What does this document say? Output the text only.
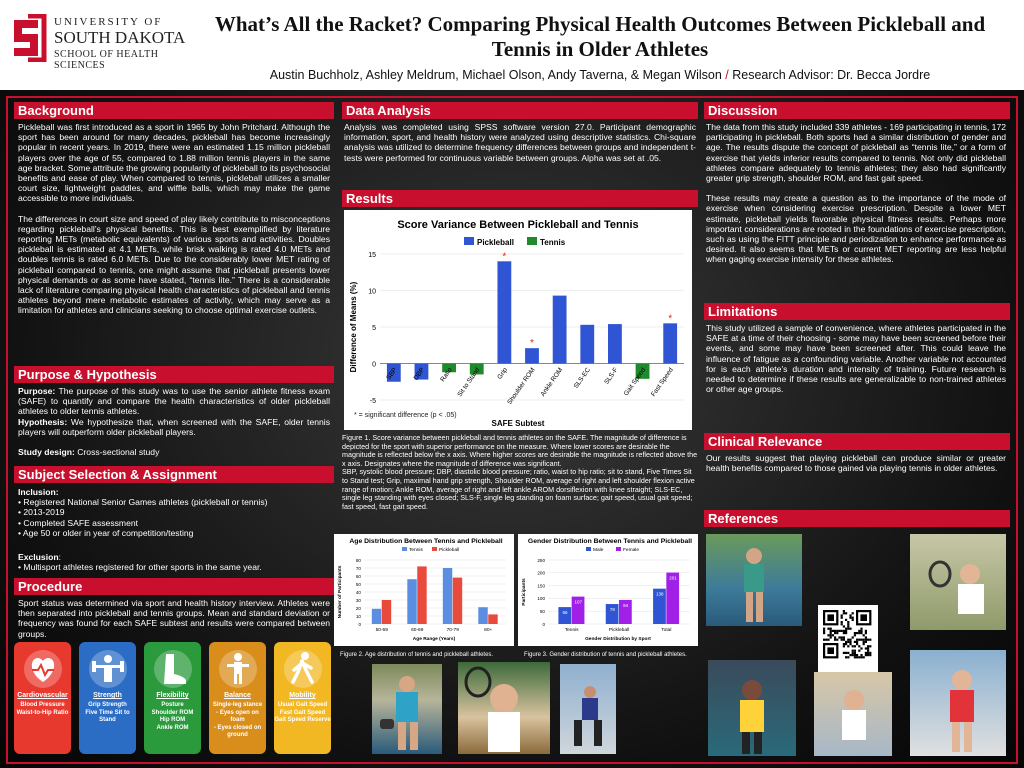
UNIVERSITY OF
SOUTH DAKOTA
SCHOOL OF HEALTH SCIENCES
What’s All the Racket? Comparing Physical Health Outcomes Between Pickleball and Tennis in Older Athletes
Austin Buchholz, Ashley Meldrum, Michael Olson, Andy Taverna, & Megan Wilson / Research Advisor: Dr. Becca Jordre
Background

Pickleball was first introduced as a sport in 1965 by John Pritchard. Although the sport has been around for many decades, pickleball has become increasingly popular in recent years. In 2019, there were an estimated 1.15 million pickleball players over the age of 55, compared to 1.88 million tennis players in the same age bracket. Some attribute the growing popularity of pickleball to its psychosocial benefits and ease of play. When compared to tennis, pickleball utilizes a smaller court size, lightweight paddles, and wiffle balls, which may make the game accessible to more individuals.

The differences in court size and speed of play likely contribute to misconceptions regarding pickleball’s physical benefits. This is best exemplified by literature reporting METs (metabolic equivalents) of various sports and activities. Doubles pickleball is estimated at 4.1 METs, while brisk walking is rated 4.0 METs and doubles tennis is rated 6.0 METs. Due to the considerably lower MET rating of pickleball compared to tennis, one might assume that pickleball presents lower physical demands or as some have stated, “tennis lite.” There is a considerable lack of literature comparing physical health characteristics of pickleball and tennis athletes beyond mere metabolic estimates of activity, which may serve as a limitation for athletes and clinicians seeking to choose optimal exercise outlets.

Purpose & Hypothesis

Purpose: The purpose of this study was to use the senior athlete fitness exam (SAFE) to quantify and compare the health characteristics of older pickleball athletes to older tennis athletes.

Hypothesis: We hypothesize that, when screened with the SAFE, older tennis players will outperform older pickleball players.

Study design: Cross-sectional study

Subject Selection & Assignment
Inclusion:
• Registered National Senior Games athletes (pickleball or tennis)
• 2013-2019
• Completed SAFE assessment
• Age 50 or older in year of competition/testing
Exclusion:
• Multisport athletes registered for other sports in the same year.
Procedure
Sport status was determined via sport and health history interview. Athletes were then separated into pickleball and tennis groups. Mean and standard deviation or frequency was found for each SAFE subtest and results were compared between groups.
Cardiovascular
Blood Pressure
Waist-to-Hip Ratio
Strength
Grip Strength
Five Time Sit to Stand
Flexibility
Posture
Shoulder ROM
Hip ROM
Ankle ROM
Balance
Single-leg stance
- Eyes open on foam
- Eyes closed on ground
Mobility
Usual Gait Speed
Fast Gait Speed
Gait Speed Reserve
Data Analysis
Analysis was completed using SPSS software version 27.0. Participant demographic information, sport, and health history were analyzed using descriptive statistics. Chi-square analysis was utilized to determine frequency differences between groups and independent t-tests were performed for continuous variable between groups. Alpha was set at .05.
Results
Score Variance Between Pickleball and Tennis
Pickleball	Tennis
-5
0
5
10
15
Difference of Means (%)
SBP DBP Ratio Sit to Stand
*
Grip
*
Shoulder ROM Ankle ROM SLS-EC SLS-F Gait Speed
*
Fast Speed
* = significant difference (p < .05)
SAFE Subtest
Figure 1. Score variance between pickleball and tennis athletes on the SAFE. The magnitude of difference is depicted for the sport with superior performance on the measure. Where lower scores are desirable the magnitude is reflected below the x axis. Where higher scores are desirable the magnitude is reflected above the x axis. Designates where the magnitude of difference was significant.
SBP, systolic blood pressure; DBP, diastolic blood pressure; ratio, waist to hip ratio; sit to stand, Five Times Sit to Stand test; Grip, maximal hand grip strength, Shoulder ROM, average of right and left shoulder flexion active range of motion; Ankle ROM, average of right and left ankle AROM dorsiflexion with knee straight; SLS-EC, single leg standing with eyes closed; SLS-F, single leg standing on foam surface; gait speed, usual gait speed; fast speed, fast gait speed.
Age Distribution Between Tennis and Pickleball
Tennis	Pickleball
0
10
20
30
40
50
60
70
80
Number of Participants
50-59	60-69	70-79	80+
Age Range (Years)
Gender Distribution Between Tennis and Pickleball
Male	Female
0
50
100
150
200
250
Participants
66
107
Tennis
78
94
Pickleball
138
201
Total
Gender Distribution by Sport
Figure 2. Age distribution of tennis and pickleball athletes.	Figure 3. Gender distribution of tennis and pickleball athletes.
Discussion

The data from this study included 339 athletes - 169 participating in tennis, 172 participating in pickleball. Both sports had a similar distribution of gender and age. The results dispute the concept of pickleball as “tennis lite,” or a form of exercise that yields inferior results compared to tennis. Not only did pickleball athletes compare adequately to tennis athletes; they also had significantly greater grip strength, shoulder ROM, and fast gait speed.

These results may create a question as to the importance of the mode of exercise when considering exercise prescription. Despite a lower MET estimate, pickleball yields favorable physical fitness results. Perhaps more important considerations are rooted in the foundations of exercise prescription, such as using the FITT principle and periodization to enhance performance as desired. It also seems that METs or current MET reporting are less helpful when gaging exercise intensity for these athletes.

Limitations
This study utilized a sample of convenience, where athletes participated in the SAFE at a time of their choosing - some may have been screened before their events, and some may have been screened after. This could leave the influence of fatigue as a confounding variable. Another variable not accounted for is each athlete’s duration and intensity of training. Future research is needed to determine if these results are generalizable to non-trained athletes or other age groups.
Clinical Relevance
Our results suggest that playing pickleball can produce similar or greater health benefits compared to those gained via playing tennis in older athletes.
References
